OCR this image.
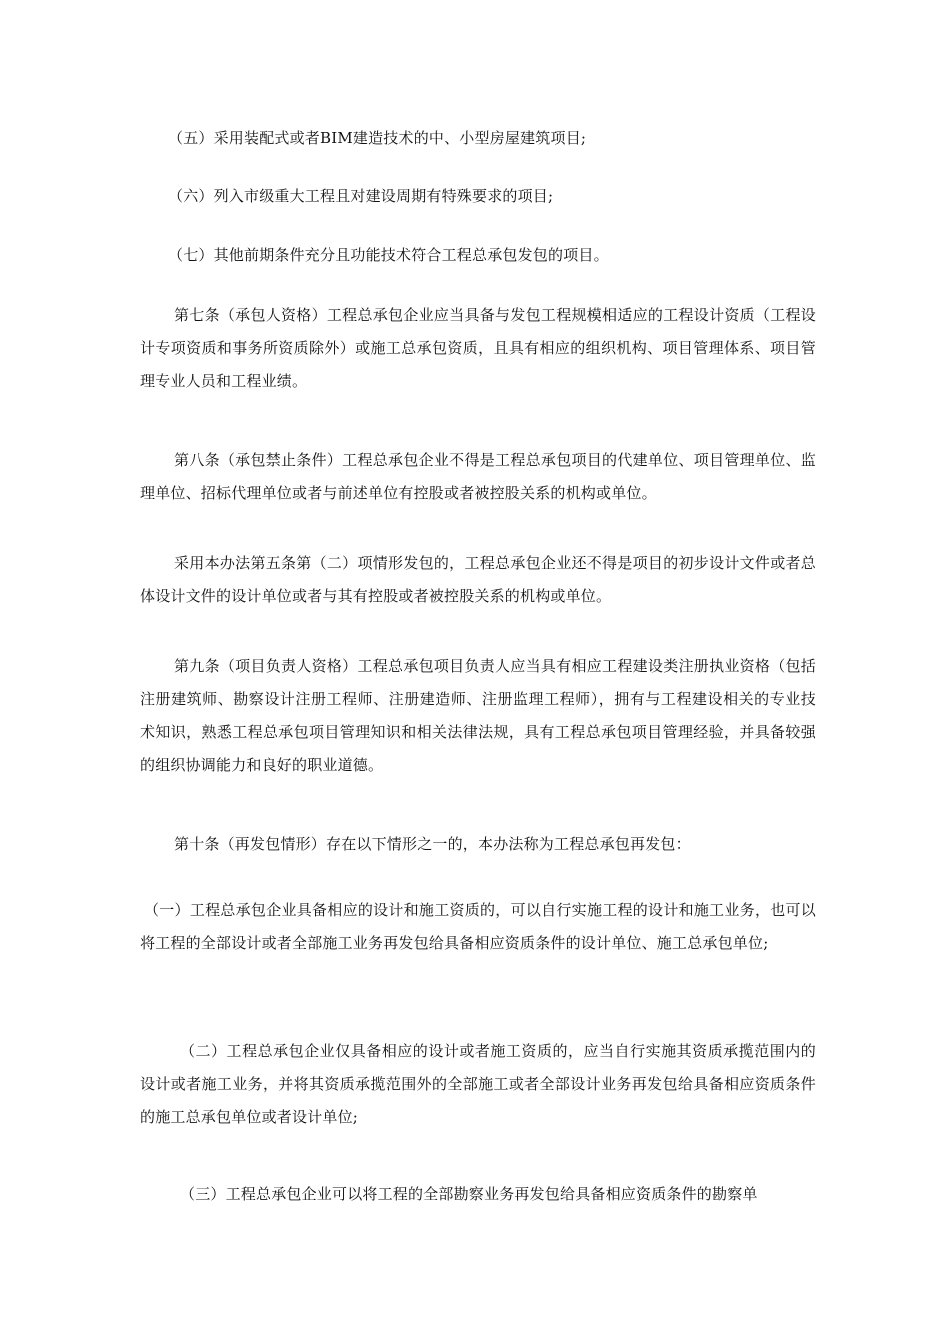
（五）采用装配式或者BIM建造技术的中、小型房屋建筑项目;

（六）列入市级重大工程且对建设周期有特殊要求的项目;

（七）其他前期条件充分且功能技术符合工程总承包发包的项目。

第七条（承包人资格）工程总承包企业应当具备与发包工程规模相适应的工程设计资质（工程设计专项资质和事务所资质除外）或施工总承包资质，且具有相应的组织机构、项目管理体系、项目管理专业人员和工程业绩。

第八条（承包禁止条件）工程总承包企业不得是工程总承包项目的代建单位、项目管理单位、监理单位、招标代理单位或者与前述单位有控股或者被控股关系的机构或单位。

采用本办法第五条第（二）项情形发包的，工程总承包企业还不得是项目的初步设计文件或者总体设计文件的设计单位或者与其有控股或者被控股关系的机构或单位。

第九条（项目负责人资格）工程总承包项目负责人应当具有相应工程建设类注册执业资格（包括注册建筑师、勘察设计注册工程师、注册建造师、注册监理工程师），拥有与工程建设相关的专业技术知识，熟悉工程总承包项目管理知识和相关法律法规，具有工程总承包项目管理经验，并具备较强的组织协调能力和良好的职业道德。

第十条（再发包情形）存在以下情形之一的，本办法称为工程总承包再发包：

（一）工程总承包企业具备相应的设计和施工资质的，可以自行实施工程的设计和施工业务，也可以将工程的全部设计或者全部施工业务再发包给具备相应资质条件的设计单位、施工总承包单位;

（二）工程总承包企业仅具备相应的设计或者施工资质的，应当自行实施其资质承揽范围内的设计或者施工业务，并将其资质承揽范围外的全部施工或者全部设计业务再发包给具备相应资质条件的施工总承包单位或者设计单位;

（三）工程总承包企业可以将工程的全部勘察业务再发包给具备相应资质条件的勘察单
